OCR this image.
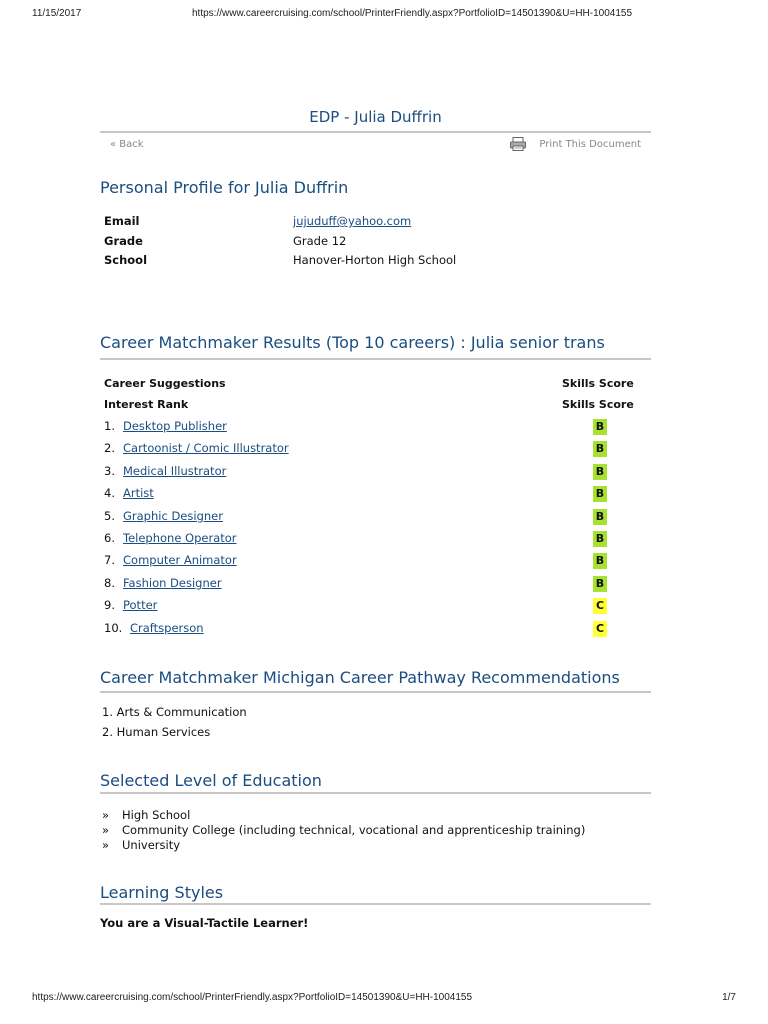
11/15/2017	https://www.careercruising.com/school/PrinterFriendly.aspx?PortfolioID=14501390&U=HH-1004155
EDP - Julia Duffrin
« Back	Print This Document
Personal Profile for Julia Duffrin
Email	jujuduff@yahoo.com
Grade	Grade 12
School	Hanover-Horton High School
Career Matchmaker Results (Top 10 careers) : Julia senior trans
Career Suggestions	Skills Score
Interest Rank	Skills Score
1. Desktop Publisher	B
2. Cartoonist / Comic Illustrator	B
3. Medical Illustrator	B
4. Artist	B
5. Graphic Designer	B
6. Telephone Operator	B
7. Computer Animator	B
8. Fashion Designer	B
9. Potter	C
10. Craftsperson	C
Career Matchmaker Michigan Career Pathway Recommendations
1. Arts & Communication
2. Human Services
Selected Level of Education
» High School
» Community College (including technical, vocational and apprenticeship training)
» University
Learning Styles
You are a Visual-Tactile Learner!
https://www.careercruising.com/school/PrinterFriendly.aspx?PortfolioID=14501390&U=HH-1004155	1/7
